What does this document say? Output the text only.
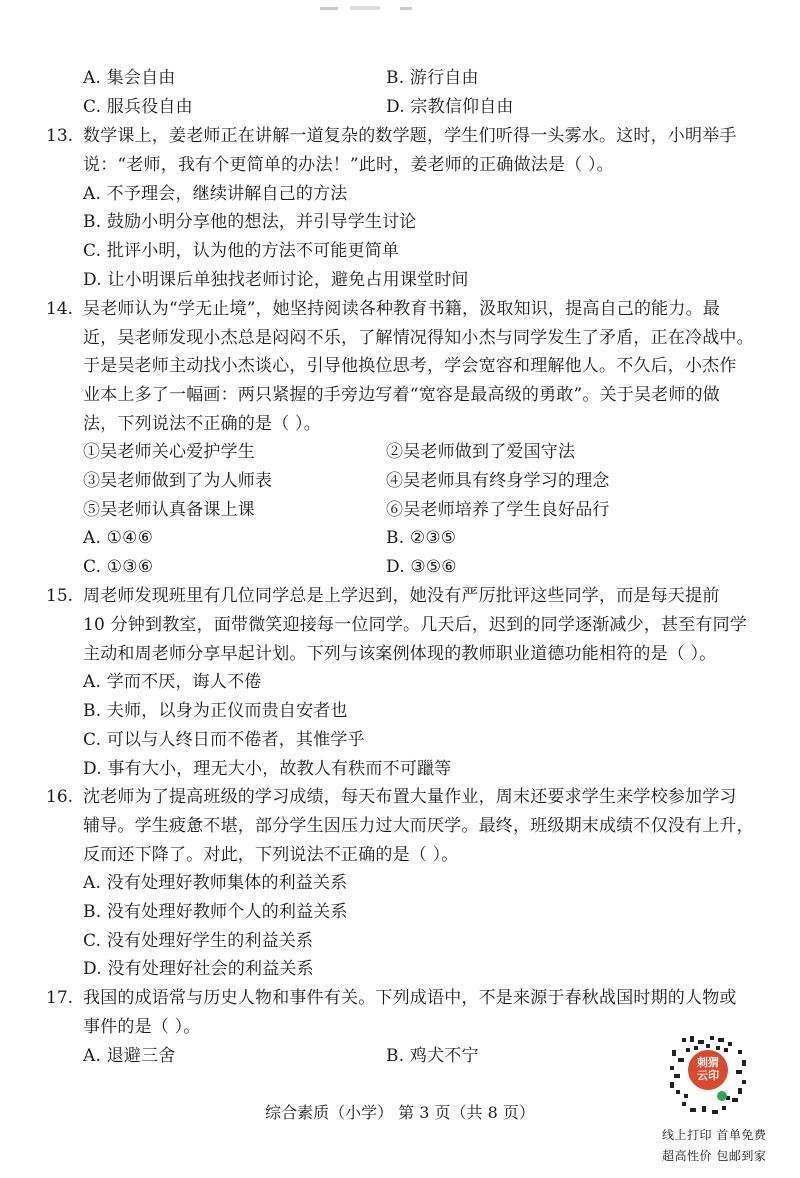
A. 集会自由	B. 游行自由
C. 服兵役自由	D. 宗教信仰自由
13. 数学课上，姜老师正在讲解一道复杂的数学题，学生们听得一头雾水。这时，小明举手
说：“老师，我有个更简单的办法！”此时，姜老师的正确做法是（ ）。
A. 不予理会，继续讲解自己的方法
B. 鼓励小明分享他的想法，并引导学生讨论
C. 批评小明，认为他的方法不可能更简单
D. 让小明课后单独找老师讨论，避免占用课堂时间
14. 吴老师认为“学无止境”，她坚持阅读各种教育书籍，汲取知识，提高自己的能力。最
近，吴老师发现小杰总是闷闷不乐，了解情况得知小杰与同学发生了矛盾，正在冷战中。
于是吴老师主动找小杰谈心，引导他换位思考，学会宽容和理解他人。不久后，小杰作
业本上多了一幅画：两只紧握的手旁边写着“宽容是最高级的勇敢”。关于吴老师的做
法，下列说法不正确的是（ ）。
①吴老师关心爱护学生	②吴老师做到了爱国守法
③吴老师做到了为人师表	④吴老师具有终身学习的理念
⑤吴老师认真备课上课	⑥吴老师培养了学生良好品行
A. ①④⑥	B. ②③⑤
C. ①③⑥	D. ③⑤⑥
15. 周老师发现班里有几位同学总是上学迟到，她没有严厉批评这些同学，而是每天提前
10 分钟到教室，面带微笑迎接每一位同学。几天后，迟到的同学逐渐减少，甚至有同学
主动和周老师分享早起计划。下列与该案例体现的教师职业道德功能相符的是（ ）。
A. 学而不厌，诲人不倦
B. 夫师，以身为正仪而贵自安者也
C. 可以与人终日而不倦者，其惟学乎
D. 事有大小，理无大小，故教人有秩而不可躐等
16. 沈老师为了提高班级的学习成绩，每天布置大量作业，周末还要求学生来学校参加学习
辅导。学生疲惫不堪，部分学生因压力过大而厌学。最终，班级期末成绩不仅没有上升，
反而还下降了。对此，下列说法不正确的是（ ）。
A. 没有处理好教师集体的利益关系
B. 没有处理好教师个人的利益关系
C. 没有处理好学生的利益关系
D. 没有处理好社会的利益关系
17. 我国的成语常与历史人物和事件有关。下列成语中，不是来源于春秋战国时期的人物或
事件的是（ ）。
A. 退避三舍	B. 鸡犬不宁
综合素质（小学） 第 3 页（共 8 页）
刺猬云印
线上打印 首单免费
超高性价 包邮到家
